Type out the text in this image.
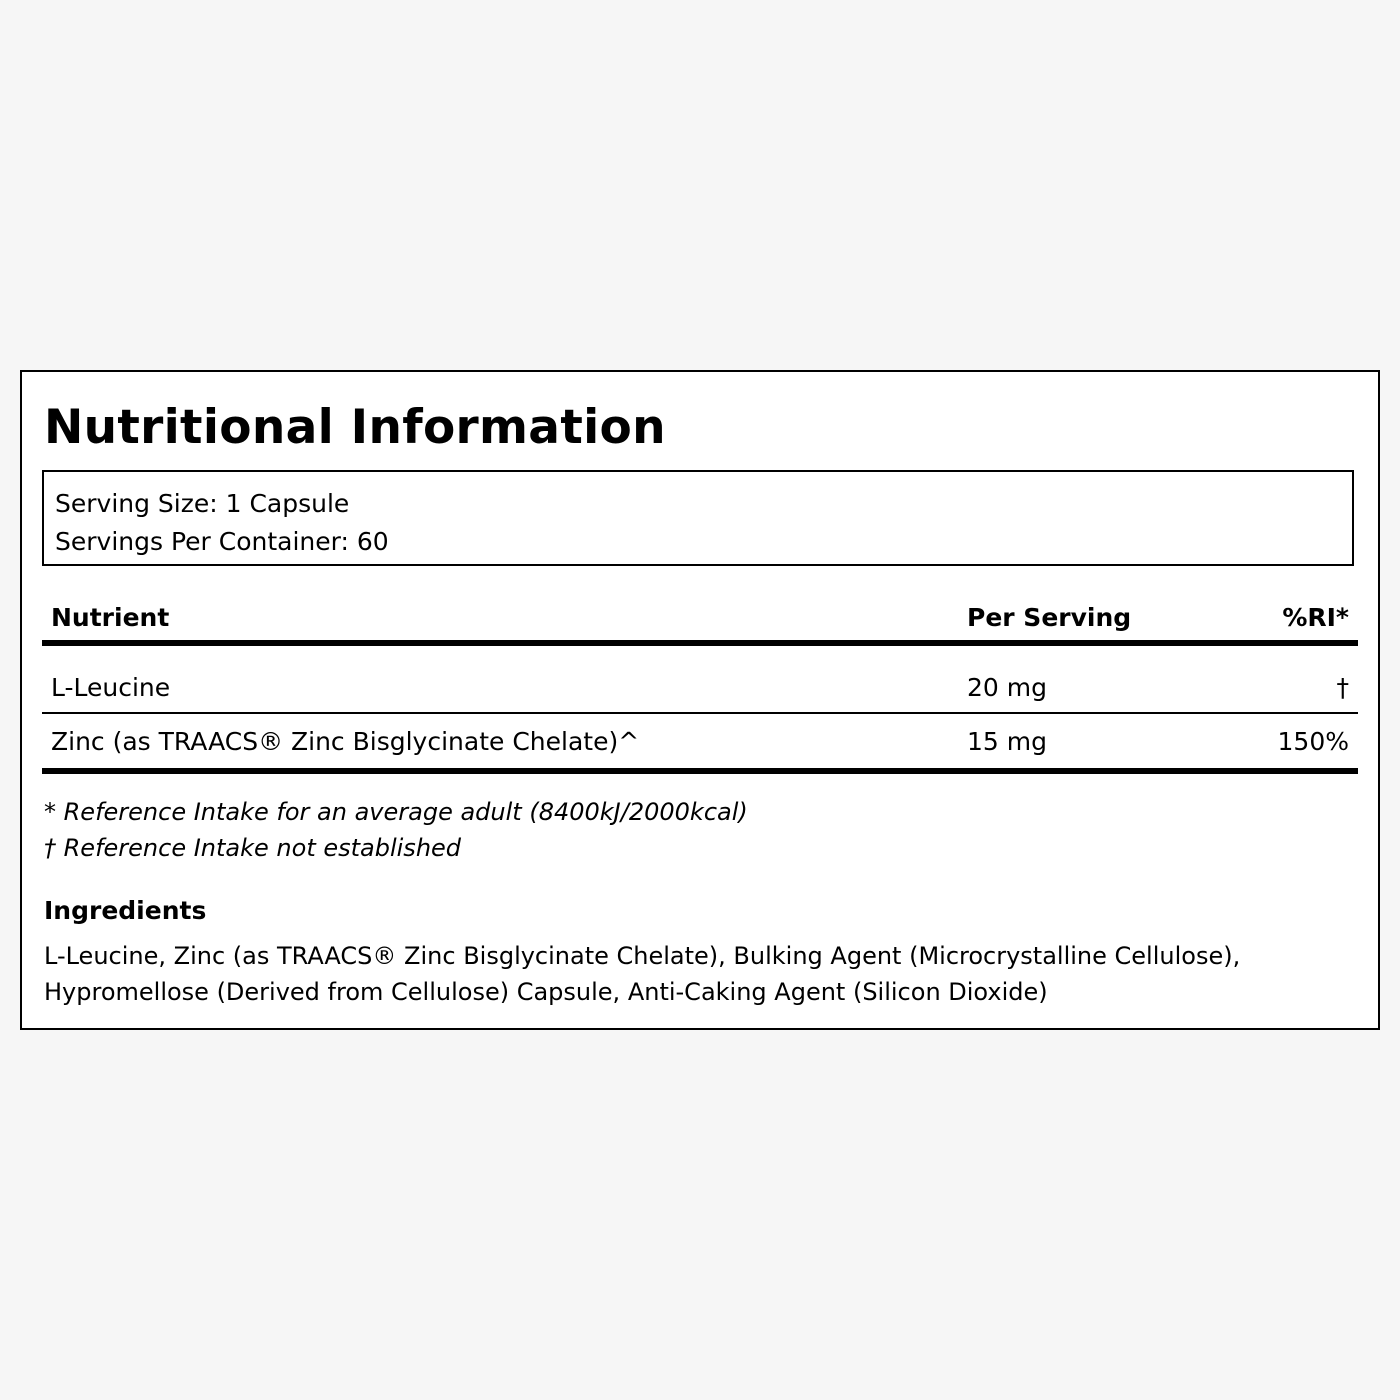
Nutritional Information
Serving Size: 1 Capsule
Servings Per Container: 60
Nutrient	Per Serving	%RI*
L-Leucine	20 mg	†
Zinc (as TRAACS® Zinc Bisglycinate Chelate)^	15 mg	150%
* Reference Intake for an average adult (8400kJ/2000kcal)
† Reference Intake not established
Ingredients

L-Leucine, Zinc (as TRAACS® Zinc Bisglycinate Chelate), Bulking Agent (Microcrystalline Cellulose), Hypromellose (Derived from Cellulose) Capsule, Anti-Caking Agent (Silicon Dioxide)
